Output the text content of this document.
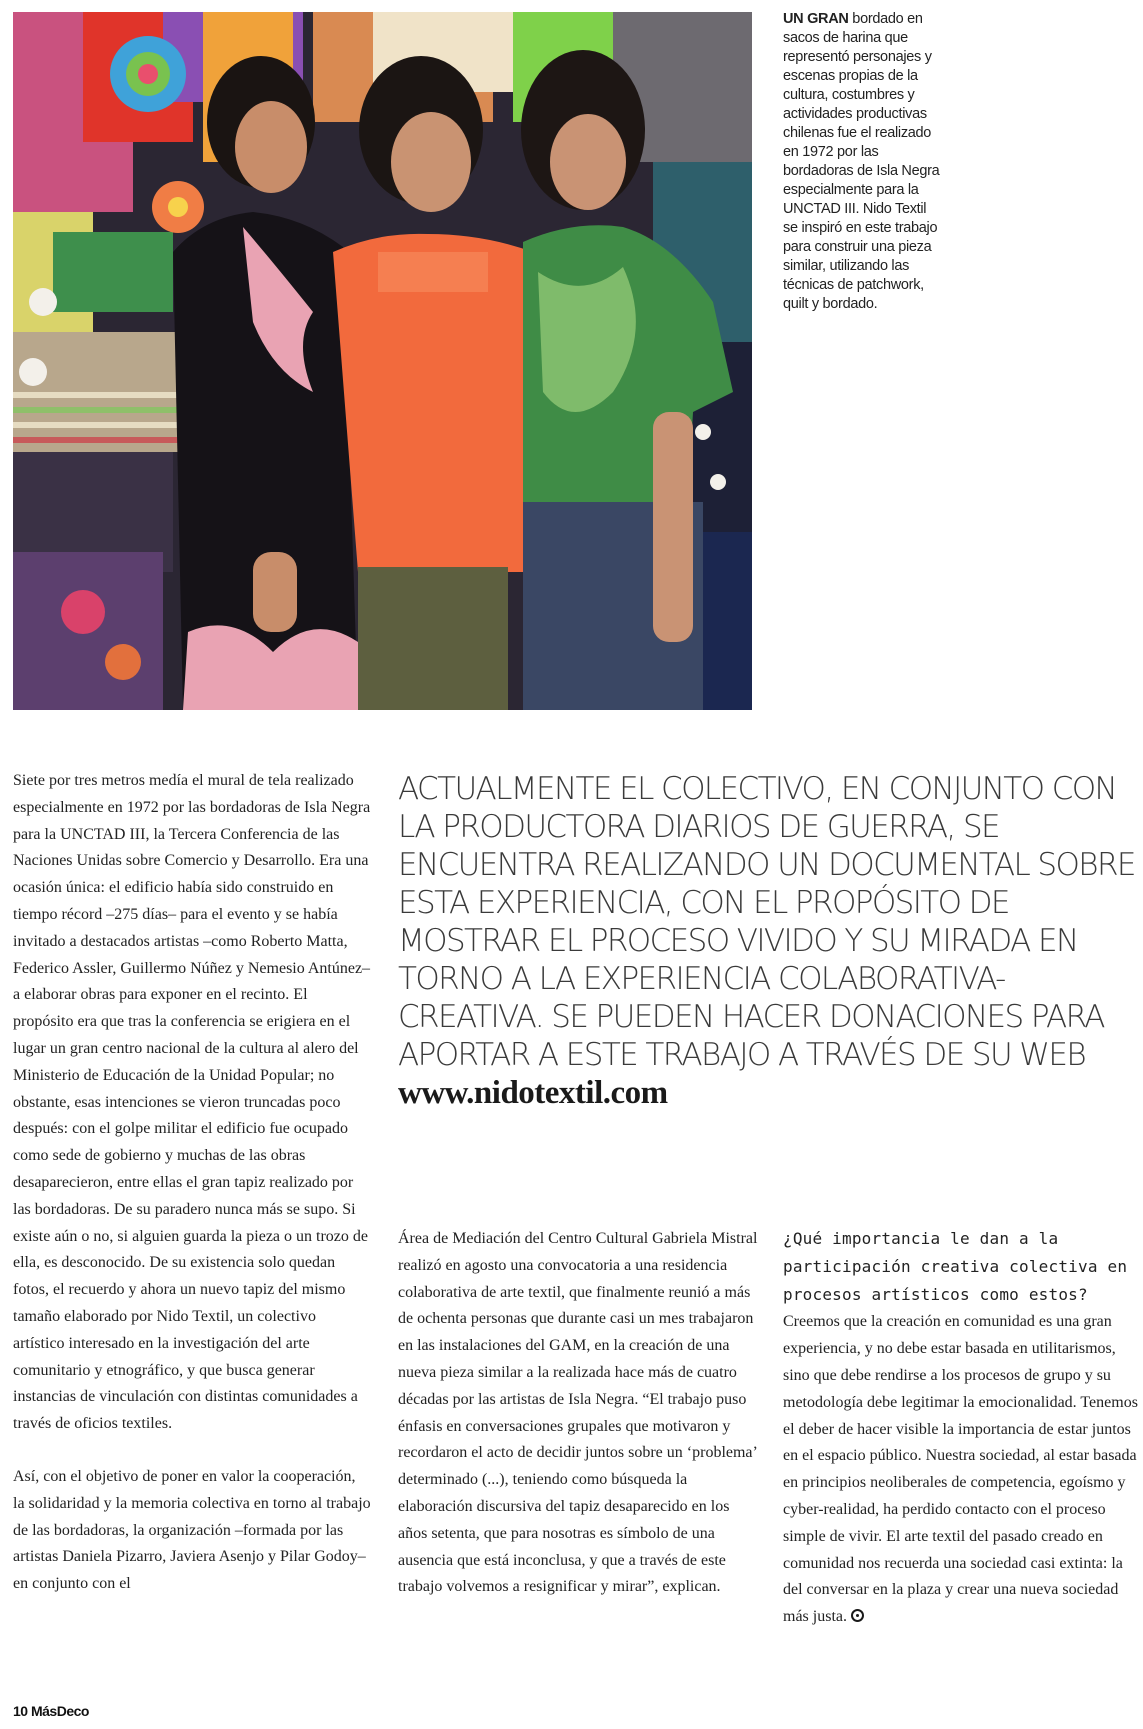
UN GRAN bordado en sacos de harina que representó personajes y escenas propias de la cultura, costumbres y actividades productivas chilenas fue el realizado en 1972 por las bordadoras de Isla Negra especialmente para la UNCTAD III. Nido Textil se inspiró en este trabajo para construir una pieza similar, utilizando las técnicas de patchwork, quilt y bordado.

Siete por tres metros medía el mural de tela realizado especialmente en 1972 por las bordadoras de Isla Negra para la UNCTAD III, la Tercera Conferencia de las Naciones Unidas sobre Comercio y Desarrollo. Era una ocasión única: el edificio había sido construido en tiempo récord –275 días– para el evento y se había invitado a destacados artistas –como Roberto Matta, Federico Assler, Guillermo Núñez y Nemesio Antúnez– a elaborar obras para exponer en el recinto. El propósito era que tras la conferencia se erigiera en el lugar un gran centro nacional de la cultura al alero del Ministerio de Educación de la Unidad Popular; no obstante, esas intenciones se vieron truncadas poco después: con el golpe militar el edificio fue ocupado como sede de gobierno y muchas de las obras desaparecieron, entre ellas el gran tapiz realizado por las bordadoras. De su paradero nunca más se supo. Si existe aún o no, si alguien guarda la pieza o un trozo de ella, es desconocido. De su existencia solo quedan fotos, el recuerdo y ahora un nuevo tapiz del mismo tamaño elaborado por Nido Textil, un colectivo artístico interesado en la investigación del arte comunitario y etnográfico, y que busca generar instancias de vinculación con distintas comunidades a través de oficios textiles.

Así, con el objetivo de poner en valor la cooperación, la solidaridad y la memoria colectiva en torno al trabajo de las bordadoras, la organización –formada por las artistas Daniela Pizarro, Javiera Asenjo y Pilar Godoy– en conjunto con el

ACTUALMENTE EL COLECTIVO, EN CONJUNTO CON LA PRODUCTORA DIARIOS DE GUERRA, SE ENCUENTRA REALIZANDO UN DOCUMENTAL SOBRE ESTA EXPERIENCIA, CON EL PROPÓSITO DE MOSTRAR EL PROCESO VIVIDO Y SU MIRADA EN TORNO A LA EXPERIENCIA COLABORATIVA-CREATIVA. SE PUEDEN HACER DONACIONES PARA APORTAR A ESTE TRABAJO A TRAVÉS DE SU WEB www.nidotextil.com

Área de Mediación del Centro Cultural Gabriela Mistral realizó en agosto una convocatoria a una residencia colaborativa de arte textil, que finalmente reunió a más de ochenta personas que durante casi un mes trabajaron en las instalaciones del GAM, en la creación de una nueva pieza similar a la realizada hace más de cuatro décadas por las artistas de Isla Negra. “El trabajo puso énfasis en conversaciones grupales que motivaron y recordaron el acto de decidir juntos sobre un ‘problema’ determinado (...), teniendo como búsqueda la elaboración discursiva del tapiz desaparecido en los años setenta, que para nosotras es símbolo de una ausencia que está inconclusa, y que a través de este trabajo volvemos a resignificar y mirar”, explican.

¿Qué importancia le dan a la participación creativa colectiva en procesos artísticos como estos? Creemos que la creación en comunidad es una gran experiencia, y no debe estar basada en utilitarismos, sino que debe rendirse a los procesos de grupo y su metodología debe legitimar la emocionalidad. Tenemos el deber de hacer visible la importancia de estar juntos en el espacio público. Nuestra sociedad, al estar basada en principios neoliberales de competencia, egoísmo y cyber-realidad, ha perdido contacto con el proceso simple de vivir. El arte textil del pasado creado en comunidad nos recuerda una sociedad casi extinta: la del conversar en la plaza y crear una nueva sociedad más justa.

10 MásDeco
